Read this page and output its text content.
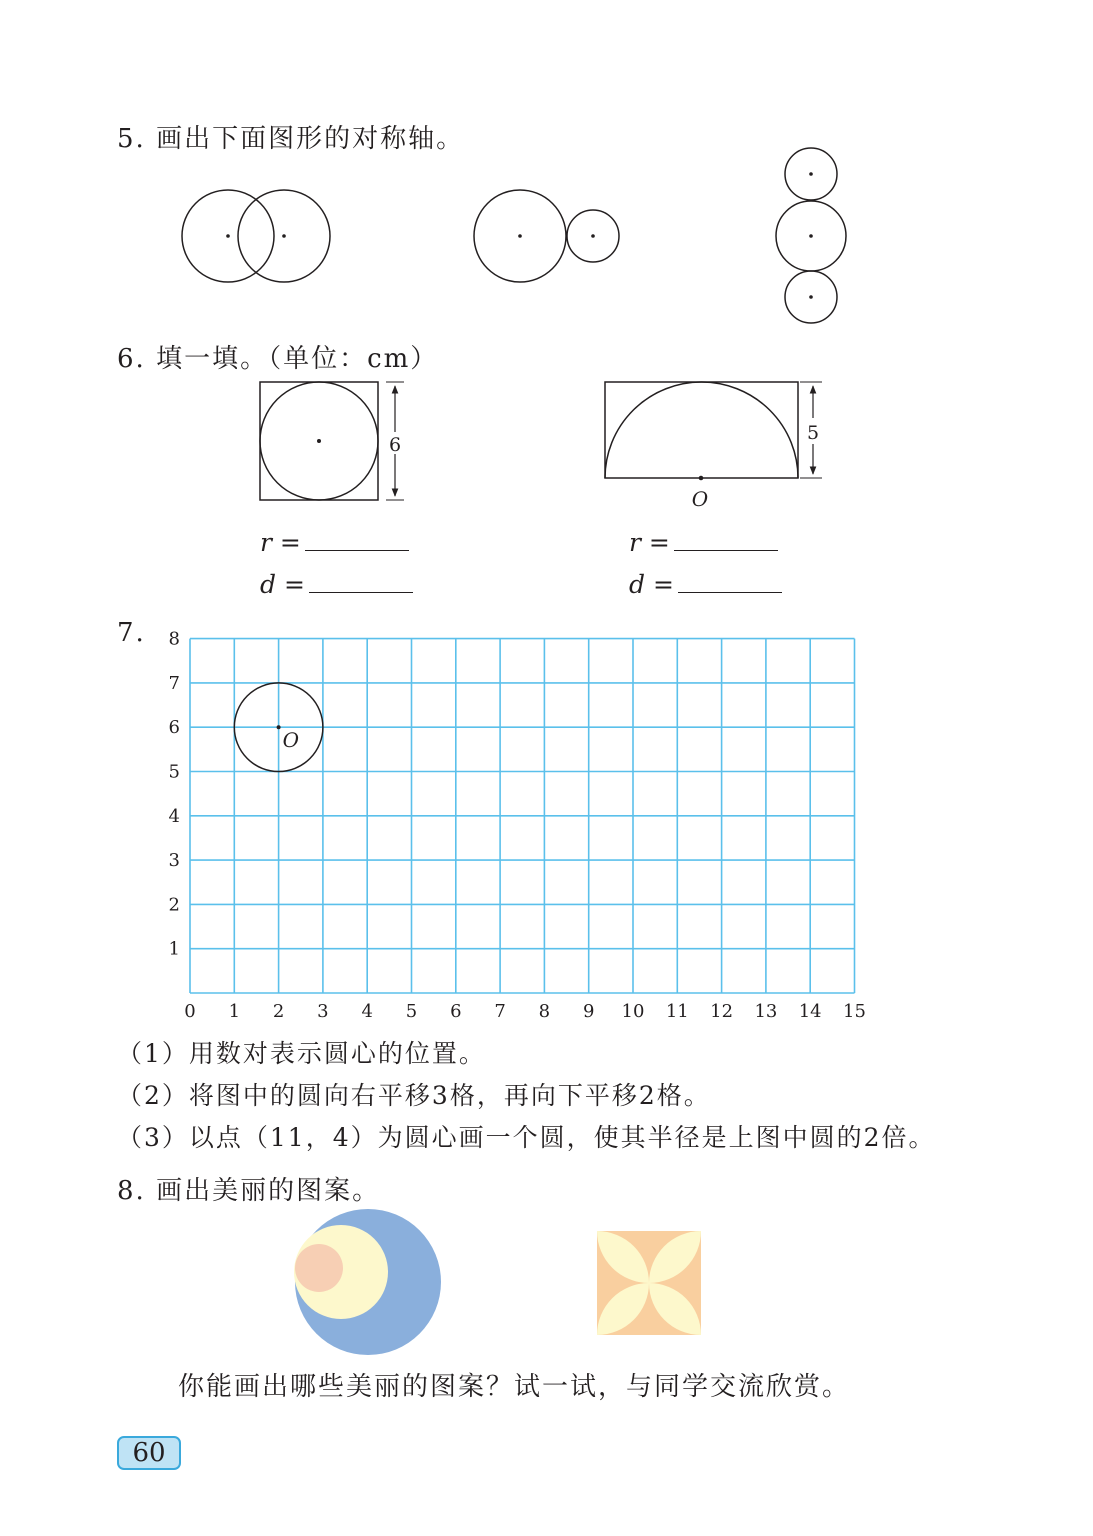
5. 画出下面图形的对称轴。
6. 填一填。（单位：cm）
6
5
O
r =
d =
r =
d =
7.
0 1 2 3 4 5 6 7 8 9 10 11 12 13 14 15
1
2
3
4
5
6
7
8
O
（1）用数对表示圆心的位置。
（2）将图中的圆向右平移3格，再向下平移2格。
（3）以点（11，4）为圆心画一个圆，使其半径是上图中圆的2倍。
8. 画出美丽的图案。
你能画出哪些美丽的图案？试一试，与同学交流欣赏。
60
